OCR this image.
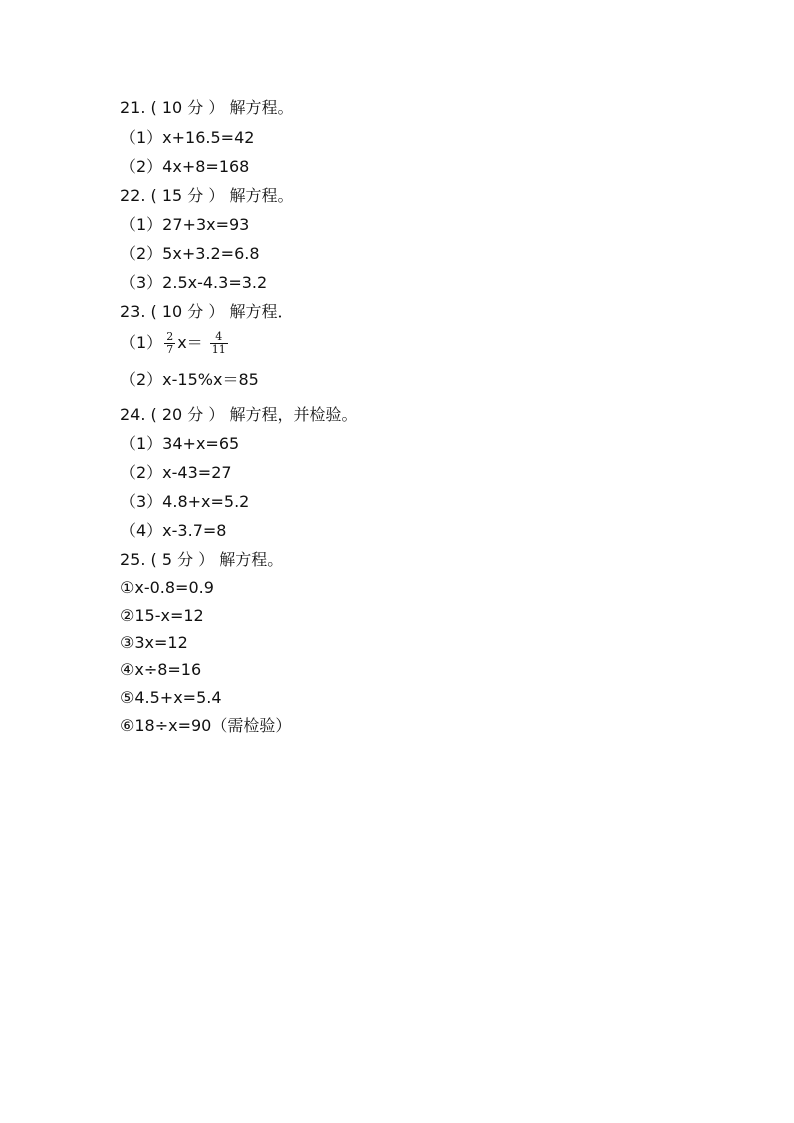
21. ( 10 分 ） 解方程。
（1）x+16.5=42
（2）4x+8=168
22. ( 15 分 ） 解方程。
（1）27+3x=93
（2）5x+3.2=6.8
（3）2.5x-4.3=3.2
23. ( 10 分 ） 解方程．
$(1) \frac{2}{7} x= \frac{4}{11}$
（2）x-15%x＝85
24. ( 20 分 ） 解方程，并检验。
（1）34+x=65
（2）x-43=27
（3）4.8+x=5.2
（4）x-3.7=8
25. ( 5 分 ） 解方程。
①x-0.8=0.9
②15-x=12
③3x=12
④x÷8=16
⑤4.5+x=5.4
⑥18÷x=90（需检验）
